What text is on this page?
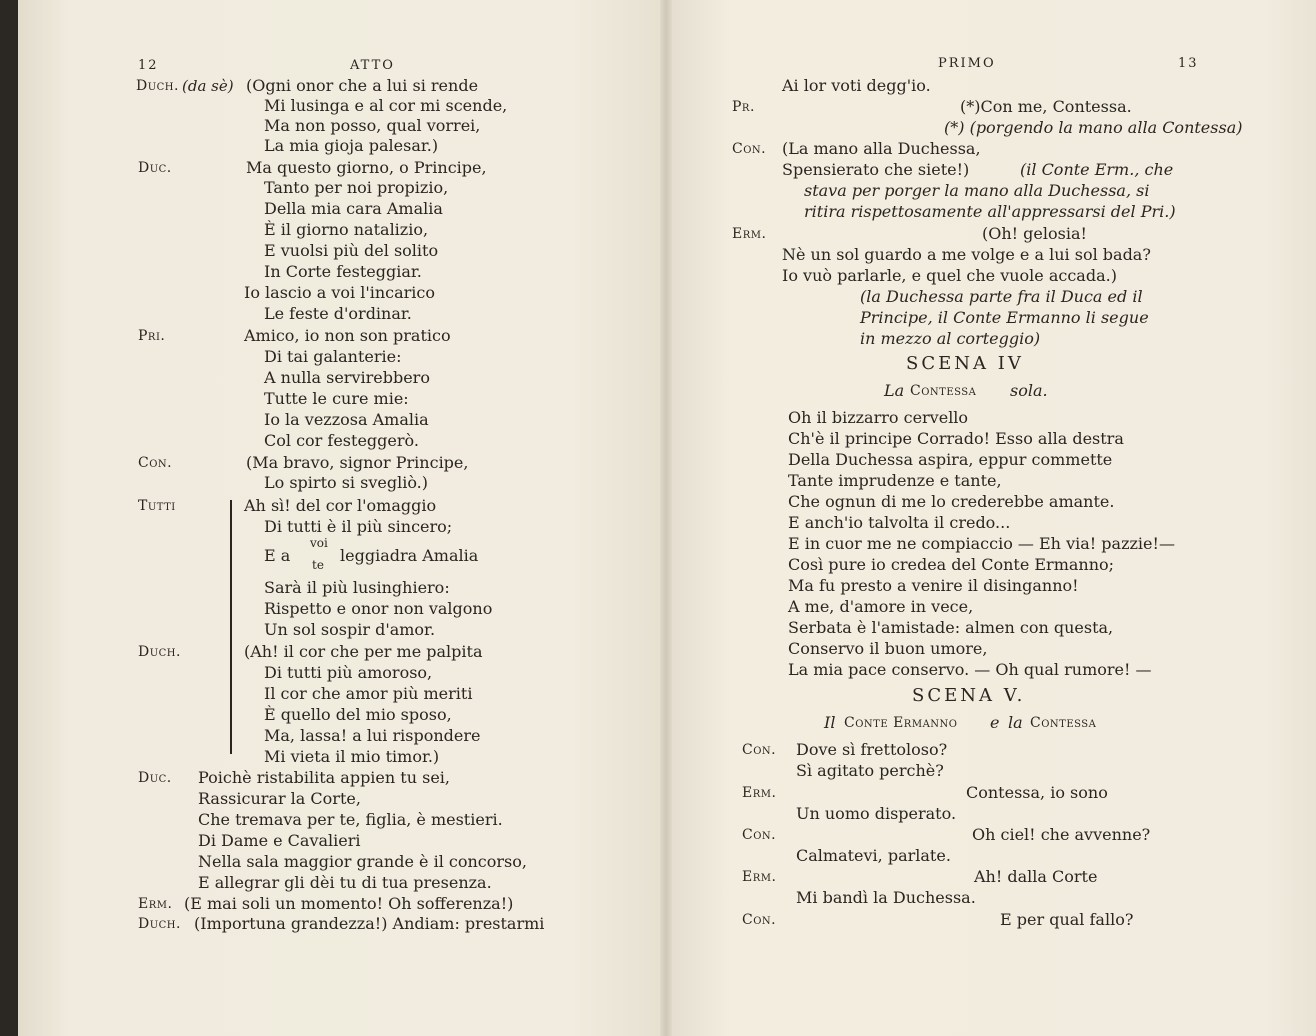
12	ATTO
Duch. (da sè) (Ogni onor che a lui si rende
Mi lusinga e al cor mi scende,
Ma non posso, qual vorrei,
La mia gioja palesar.)
Duc.	Ma questo giorno, o Principe,
Tanto per noi propizio,
Della mia cara Amalia
È il giorno natalizio,
E vuolsi più del solito
In Corte festeggiar.
Io lascio a voi l'incarico
Le feste d'ordinar.
Pri.	Amico, io non son pratico
Di tai galanterie:
A nulla servirebbero
Tutte le cure mie:
Io la vezzosa Amalia
Col cor festeggerò.
Con.	(Ma bravo, signor Principe,
Lo spirto si svegliò.)
Tutti	Ah sì! del cor l'omaggio
Di tutti è il più sincero;
E a
voi
te leggiadra Amalia
Sarà il più lusinghiero:
Rispetto e onor non valgono
Un sol sospir d'amor.
Duch.	(Ah! il cor che per me palpita
Di tutti più amoroso,
Il cor che amor più meriti
È quello del mio sposo,
Ma, lassa! a lui rispondere
Mi vieta il mio timor.)
Duc. Poichè ristabilita appien tu sei,
Rassicurar la Corte,
Che tremava per te, figlia, è mestieri.
Di Dame e Cavalieri
Nella sala maggior grande è il concorso,
E allegrar gli dèi tu di tua presenza.
Erm. (E mai soli un momento! Oh sofferenza!)
Duch. (Importuna grandezza!) Andiam: prestarmi
PRIMO	13
Ai lor voti degg'io.
Pr.	(*)Con me, Contessa.
(*) (porgendo la mano alla Contessa)
Con. (La mano alla Duchessa,
Spensierato che siete!)	(il Conte Erm., che
stava per porger la mano alla Duchessa, si
ritira rispettosamente all'appressarsi del Pri.)
Erm.	(Oh! gelosia!
Nè un sol guardo a me volge e a lui sol bada?
Io vuò parlarle, e quel che vuole accada.)
(la Duchessa parte fra il Duca ed il
Principe, il Conte Ermanno li segue
in mezzo al corteggio)
SCENA IV
La Contessa sola.
Oh il bizzarro cervello
Ch'è il principe Corrado! Esso alla destra
Della Duchessa aspira, eppur commette
Tante imprudenze e tante,
Che ognun di me lo crederebbe amante.
E anch'io talvolta il credo...
E in cuor me ne compiaccio — Eh via! pazzie!—
Così pure io credea del Conte Ermanno;
Ma fu presto a venire il disinganno!
A me, d'amore in vece,
Serbata è l'amistade: almen con questa,
Conservo il buon umore,
La mia pace conservo. — Oh qual rumore! —
SCENA V.
Il Conte Ermanno e la Contessa
Con. Dove sì frettoloso?
Sì agitato perchè?
Erm.	Contessa, io sono
Un uomo disperato.
Con.	Oh ciel! che avvenne?
Calmatevi, parlate.
Erm.	Ah! dalla Corte
Mi bandì la Duchessa.
Con.	E per qual fallo?
